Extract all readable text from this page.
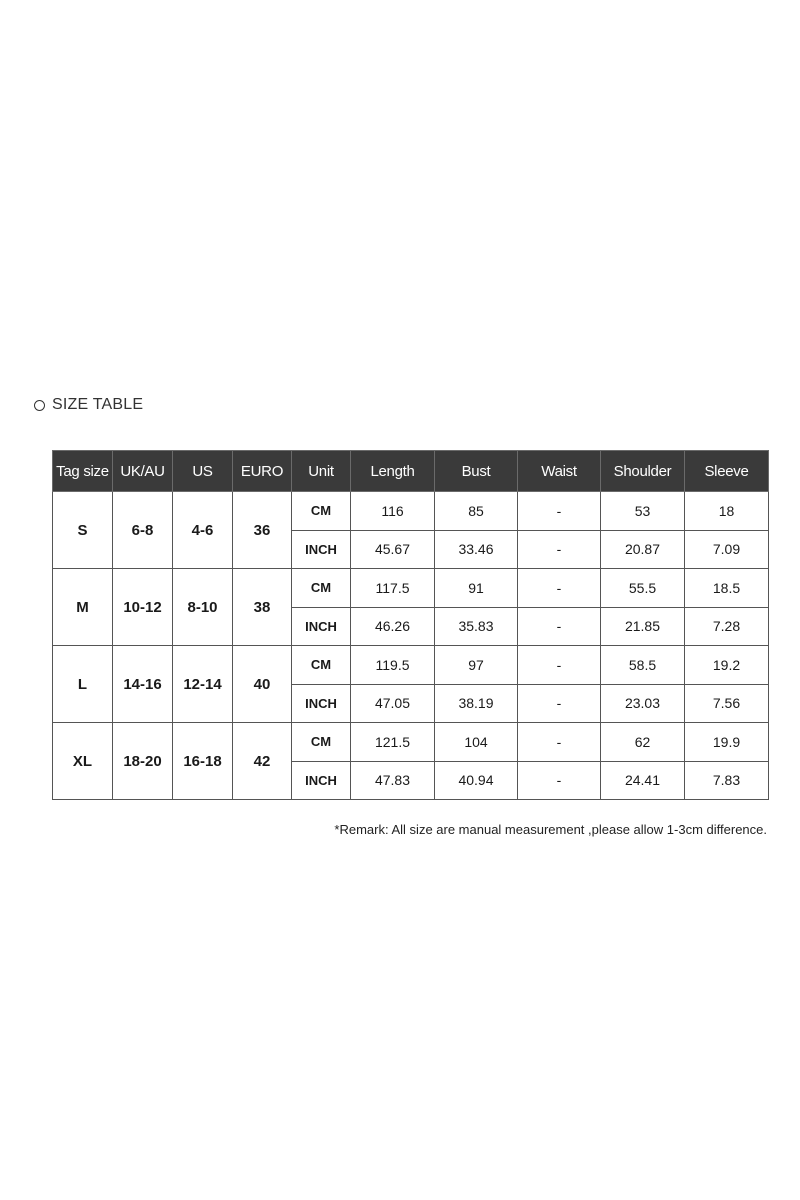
SIZE TABLE
Tag size	UK/AU	US	EURO	Unit	Length	Bust	Waist	Shoulder	Sleeve
S	6-8	4-6	36	CM	116	85	-	53	18
				INCH	45.67	33.46	-	20.87	7.09
M	10-12	8-10	38	CM	117.5	91	-	55.5	18.5
				INCH	46.26	35.83	-	21.85	7.28
L	14-16	12-14	40	CM	119.5	97	-	58.5	19.2
				INCH	47.05	38.19	-	23.03	7.56
XL	18-20	16-18	42	CM	121.5	104	-	62	19.9
				INCH	47.83	40.94	-	24.41	7.83
*Remark: All size are manual measurement ,please allow 1-3cm difference.
